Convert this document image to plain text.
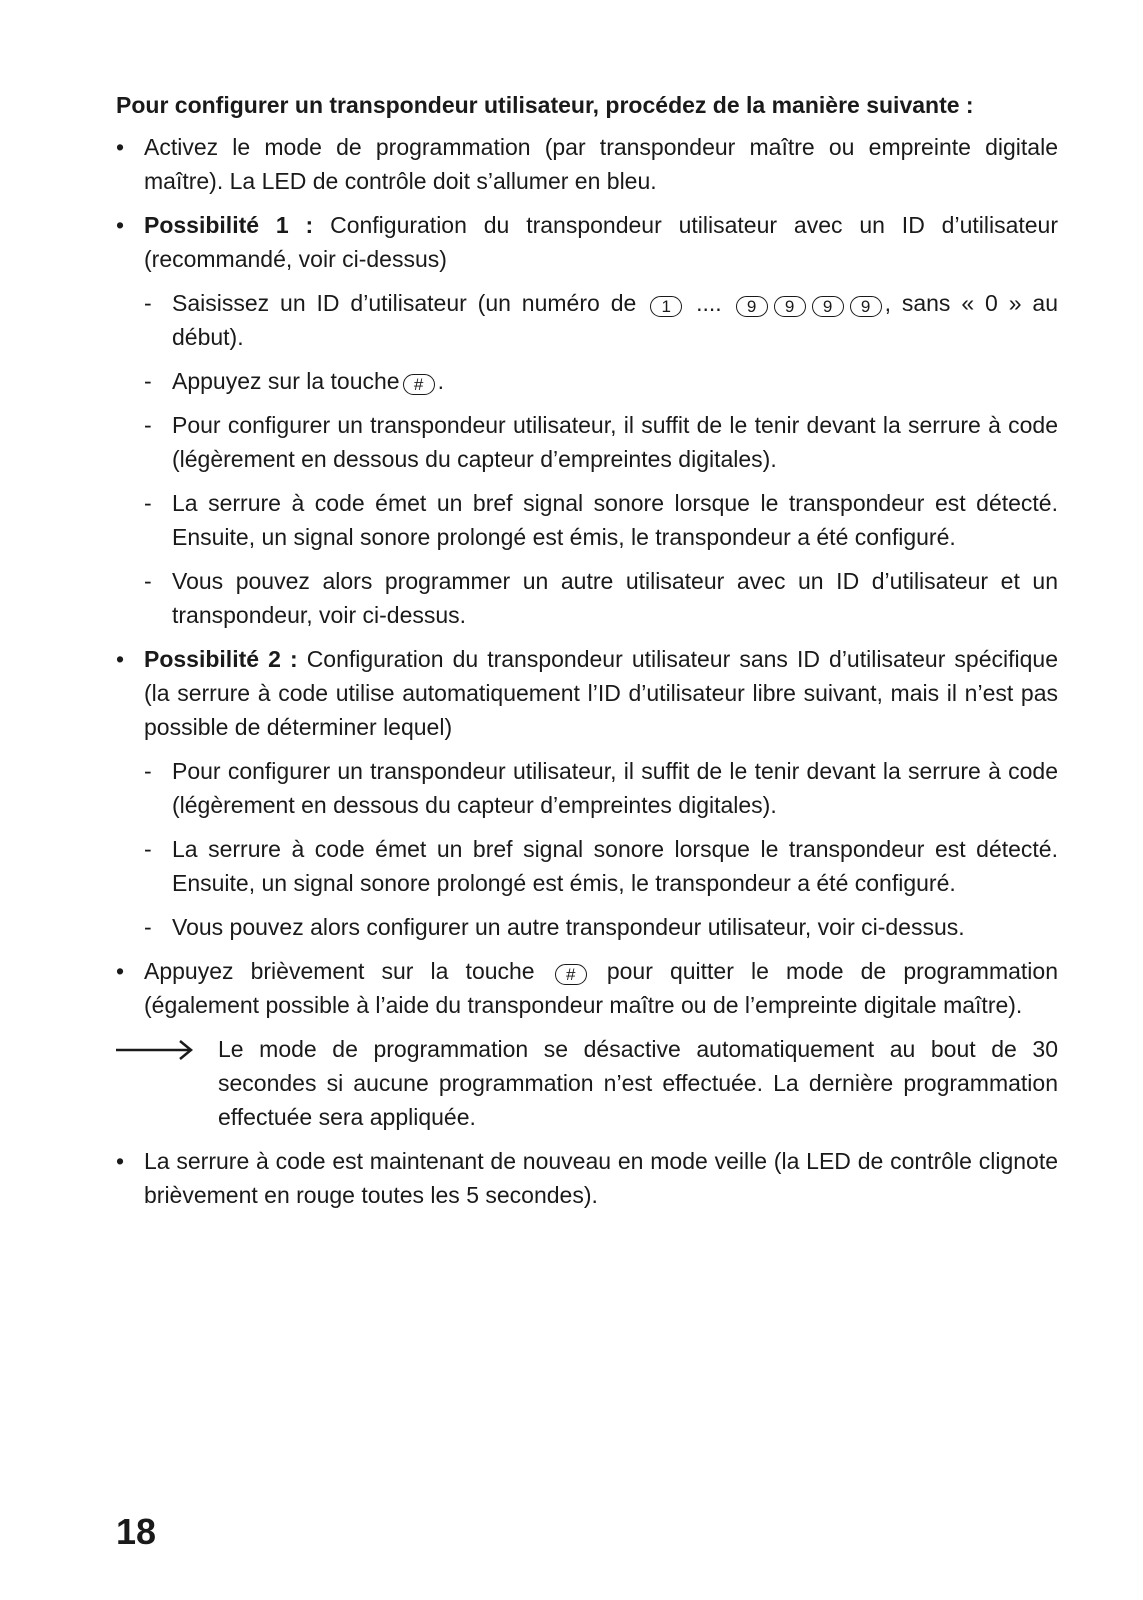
Pour configurer un transpondeur utilisateur, procédez de la manière suivante :

• Activez le mode de programmation (par transpondeur maître ou empreinte digitale maître). La LED de contrôle doit s’allumer en bleu.
• Possibilité 1 : Configuration du transpondeur utilisateur avec un ID d’utilisateur (recommandé, voir ci-dessus)
- Saisissez un ID d’utilisateur (un numéro de 1 .... 9 9 9 9 , sans « 0 » au début).
- Appuyez sur la touche # .
- Pour configurer un transpondeur utilisateur, il suffit de le tenir devant la serrure à code (légèrement en dessous du capteur d’empreintes digitales).
- La serrure à code émet un bref signal sonore lorsque le transpondeur est détecté. Ensuite, un signal sonore prolongé est émis, le transpondeur a été configuré.
- Vous pouvez alors programmer un autre utilisateur avec un ID d’utilisateur et un transpondeur, voir ci-dessus.
• Possibilité 2 : Configuration du transpondeur utilisateur sans ID d’utilisateur spécifique (la serrure à code utilise automatiquement l’ID d’utilisateur libre suivant, mais il n’est pas possible de déterminer lequel)
- Pour configurer un transpondeur utilisateur, il suffit de le tenir devant la serrure à code (légèrement en dessous du capteur d’empreintes digitales).
- La serrure à code émet un bref signal sonore lorsque le transpondeur est détecté. Ensuite, un signal sonore prolongé est émis, le transpondeur a été configuré.
- Vous pouvez alors configurer un autre transpondeur utilisateur, voir ci-dessus.
• Appuyez brièvement sur la touche # pour quitter le mode de programmation (également possible à l’aide du transpondeur maître ou de l’empreinte digitale maître).
Le mode de programmation se désactive automatiquement au bout de 30 secondes si aucune programmation n’est effectuée. La dernière programmation effectuée sera appliquée.
• La serrure à code est maintenant de nouveau en mode veille (la LED de contrôle clignote brièvement en rouge toutes les 5 secondes).
18
